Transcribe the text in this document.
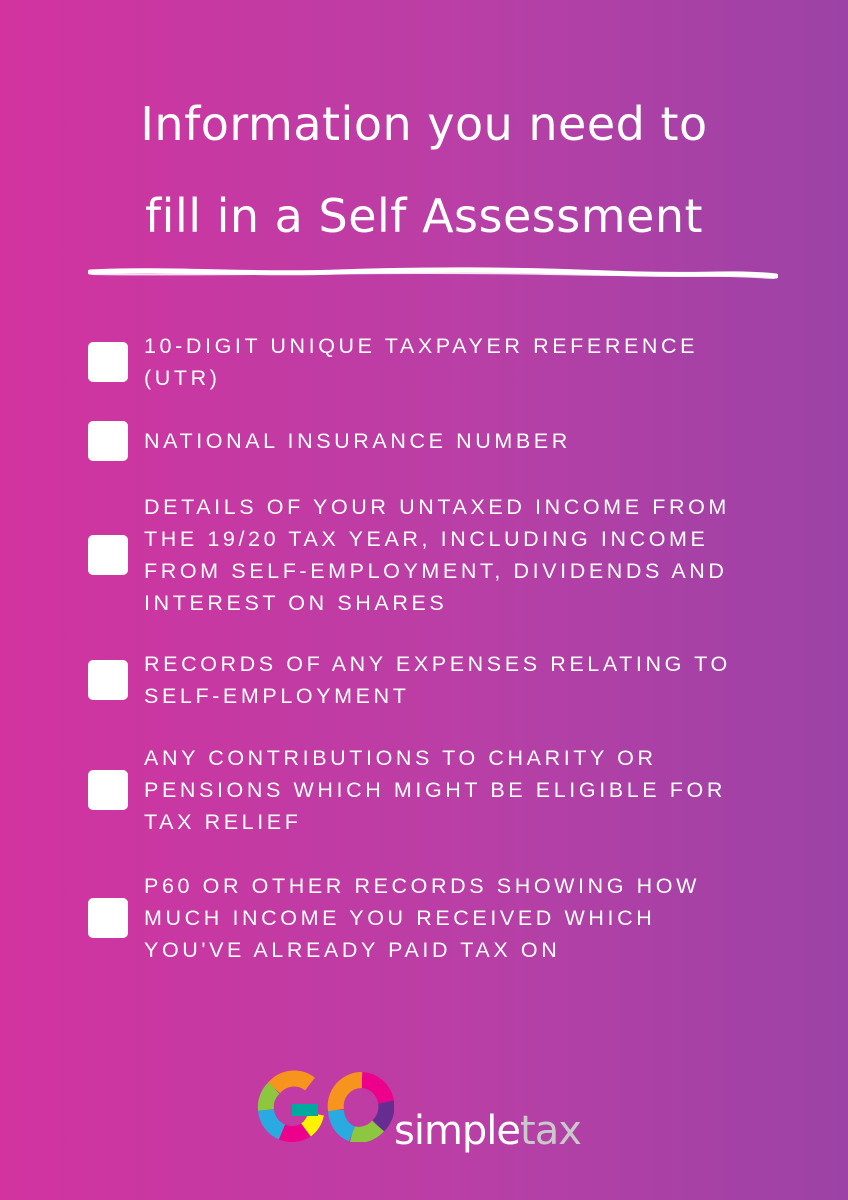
Information you need to
fill in a Self Assessment

10-DIGIT UNIQUE TAXPAYER REFERENCE
(UTR)

NATIONAL INSURANCE NUMBER

DETAILS OF YOUR UNTAXED INCOME FROM
THE 19/20 TAX YEAR, INCLUDING INCOME
FROM SELF-EMPLOYMENT, DIVIDENDS AND
INTEREST ON SHARES

RECORDS OF ANY EXPENSES RELATING TO
SELF-EMPLOYMENT

ANY CONTRIBUTIONS TO CHARITY OR
PENSIONS WHICH MIGHT BE ELIGIBLE FOR
TAX RELIEF

P60 OR OTHER RECORDS SHOWING HOW
MUCH INCOME YOU RECEIVED WHICH
YOU'VE ALREADY PAID TAX ON

simpletax
